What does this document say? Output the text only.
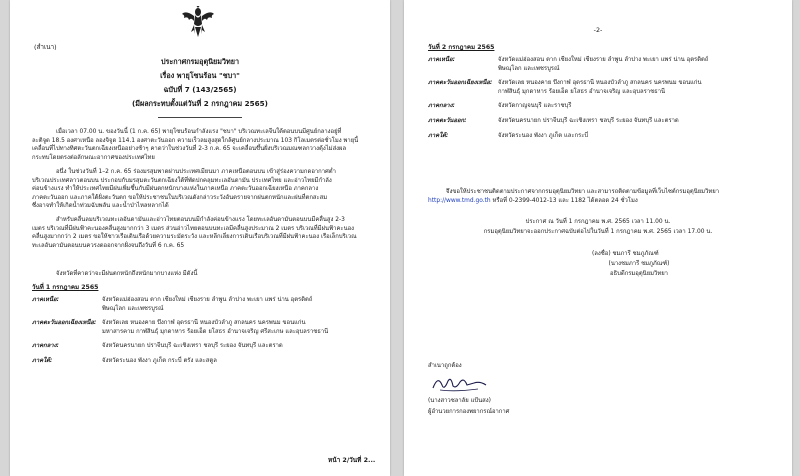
(สำเนา)
ประกาศกรมอุตุนิยมวิทยา
เรื่อง พายุโซนร้อน "ชบา"
ฉบับที่ 7 (143/2565)
(มีผลกระทบตั้งแต่วันที่ 2 กรกฎาคม 2565)
เมื่อเวลา 07.00 น. ของวันนี้ (1 ก.ค. 65) พายุโซนร้อนกำลังแรง "ชบา" บริเวณทะเลจีนใต้ตอนบนมีศูนย์กลางอยู่ที่
ละติจูด 18.5 องศาเหนือ ลองจิจูด 114.1 องศาตะวันออก ความเร็วลมสูงสุดใกล้ศูนย์กลางประมาณ 103 กิโลเมตรต่อชั่วโมง พายุนี้
เคลื่อนที่ไปทางทิศตะวันตกเฉียงเหนืออย่างช้าๆ คาดว่าในช่วงวันที่ 2-3 ก.ค. 65 จะเคลื่อนขึ้นฝั่งบริเวณมณฑลกวางตุ้งไม่ส่งผล
กระทบโดยตรงต่อลักษณะอากาศของประเทศไทย
อนึ่ง ในช่วงวันที่ 1–2 ก.ค. 65 ร่องมรสุมพาดผ่านประเทศเมียนมา ภาคเหนือตอนบน เข้าสู่ร่องความกดอากาศต่ำ
บริเวณประเทศลาวตอนบน ประกอบกับมรสุมตะวันตกเฉียงใต้ที่พัดปกคลุมทะเลอันดามัน ประเทศไทย และอ่าวไทยมีกำลัง
ค่อนข้างแรง ทำให้ประเทศไทยมีฝนเพิ่มขึ้นกับมีฝนตกหนักบางแห่งในภาคเหนือ ภาคตะวันออกเฉียงเหนือ ภาคกลาง
ภาคตะวันออก และภาคใต้ฝั่งตะวันตก ขอให้ประชาชนในบริเวณดังกล่าวระวังอันตรายจากฝนตกหนักและฝนที่ตกสะสม
ซึ่งอาจทำให้เกิดน้ำท่วมฉับพลัน และน้ำป่าไหลหลากได้
สำหรับคลื่นลมบริเวณทะเลอันดามันและอ่าวไทยตอนบนมีกำลังค่อนข้างแรง โดยทะเลอันดามันตอนบนมีคลื่นสูง 2-3
เมตร บริเวณที่มีฝนฟ้าคะนองคลื่นสูงมากกว่า 3 เมตร ส่วนอ่าวไทยตอนบนทะเลมีคลื่นสูงประมาณ 2 เมตร บริเวณที่มีฝนฟ้าคะนอง
คลื่นสูงมากกว่า 2 เมตร ขอให้ชาวเรือเดินเรือด้วยความระมัดระวัง และหลีกเลี่ยงการเดินเรือบริเวณที่มีฝนฟ้าคะนอง เรือเล็กบริเวณ
ทะเลอันดามันตอนบนควรงดออกจากฝั่งจนถึงวันที่ 6 ก.ค. 65
จังหวัดที่คาดว่าจะมีฝนตกหนักถึงหนักมากบางแห่ง มีดังนี้
วันที่ 1 กรกฎาคม 2565
ภาคเหนือ:	จังหวัดแม่ฮ่องสอน ตาก เชียงใหม่ เชียงราย ลำพูน ลำปาง พะเยา แพร่ น่าน อุตรดิตถ์
พิษณุโลก และเพชรบูรณ์
ภาคตะวันออกเฉียงเหนือ: จังหวัดเลย หนองคาย บึงกาฬ อุดรธานี หนองบัวลำภู สกลนคร นครพนม ขอนแก่น
มหาสารคาม กาฬสินธุ์ มุกดาหาร ร้อยเอ็ด ยโสธร อำนาจเจริญ ศรีสะเกษ และอุบลราชธานี
ภาคกลาง:	จังหวัดนครนายก ปราจีนบุรี ฉะเชิงเทรา ชลบุรี ระยอง จันทบุรี และตราด
ภาคใต้:	จังหวัดระนอง พังงา ภูเก็ต กระบี่ ตรัง และสตูล
หน้า 2/วันที่ 2...
-2-
วันที่ 2 กรกฎาคม 2565
ภาคเหนือ:	จังหวัดแม่ฮ่องสอน ตาก เชียงใหม่ เชียงราย ลำพูน ลำปาง พะเยา แพร่ น่าน อุตรดิตถ์
พิษณุโลก และเพชรบูรณ์
ภาคตะวันออกเฉียงเหนือ: จังหวัดเลย หนองคาย บึงกาฬ อุดรธานี หนองบัวลำภู สกลนคร นครพนม ขอนแก่น
กาฬสินธุ์ มุกดาหาร ร้อยเอ็ด ยโสธร อำนาจเจริญ และอุบลราชธานี
ภาคกลาง:	จังหวัดกาญจนบุรี และราชบุรี
ภาคตะวันออก:	จังหวัดนครนายก ปราจีนบุรี ฉะเชิงเทรา ชลบุรี ระยอง จันทบุรี และตราด
ภาคใต้:	จังหวัดระนอง พังงา ภูเก็ต และกระบี่
จึงขอให้ประชาชนติดตามประกาศจากกรมอุตุนิยมวิทยา และสามารถติดตามข้อมูลที่เว็บไซต์กรมอุตุนิยมวิทยา
http://www.tmd.go.th หรือที่ 0-2399-4012-13 และ 1182 ได้ตลอด 24 ชั่วโมง
ประกาศ ณ วันที่ 1 กรกฎาคม พ.ศ. 2565 เวลา 11.00 น.
กรมอุตุนิยมวิทยาจะออกประกาศฉบับต่อไปในวันที่ 1 กรกฎาคม พ.ศ. 2565 เวลา 17.00 น.
(ลงชื่อ) ชมภารี ชมภูภัณฑ์
(นางชมภารี ชมภูภัณฑ์)
อธิบดีกรมอุตุนิยมวิทยา
สำเนาถูกต้อง
(นางสาวชลาลัย แป้นสง)
ผู้อำนวยการกองพยากรณ์อากาศ
